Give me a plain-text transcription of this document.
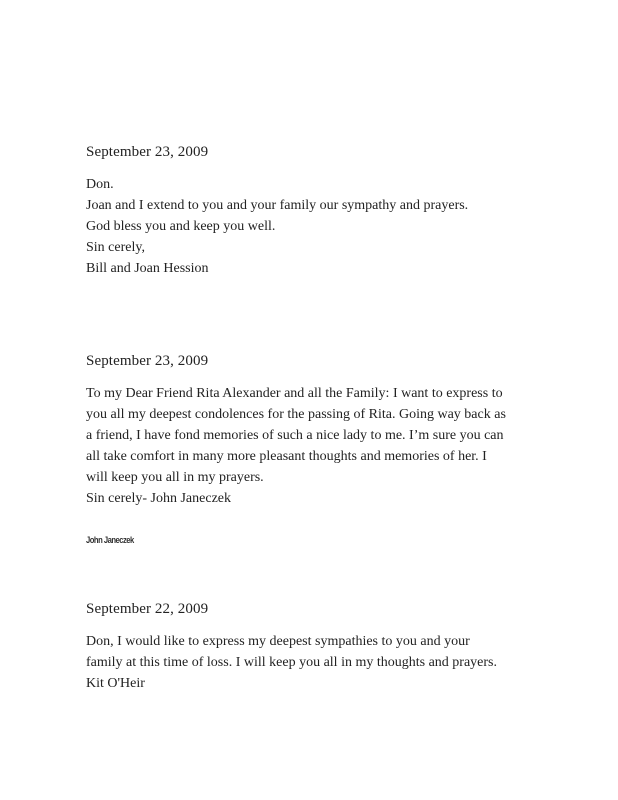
September 23, 2009

Don.

Joan and I extend to you and your family our sympathy and prayers.

God bless you and keep you well.

Sin cerely,

Bill and Joan Hession

September 23, 2009

To my Dear Friend Rita Alexander and all the Family: I want to express to

you all my deepest condolences for the passing of Rita. Going way back as

a friend, I have fond memories of such a nice lady to me. I’m sure you can

all take comfort in many more pleasant thoughts and memories of her. I

will keep you all in my prayers.

Sin cerely- John Janeczek

John Janeczek

September 22, 2009

Don, I would like to express my deepest sympathies to you and your

family at this time of loss. I will keep you all in my thoughts and prayers.

Kit O'Heir
